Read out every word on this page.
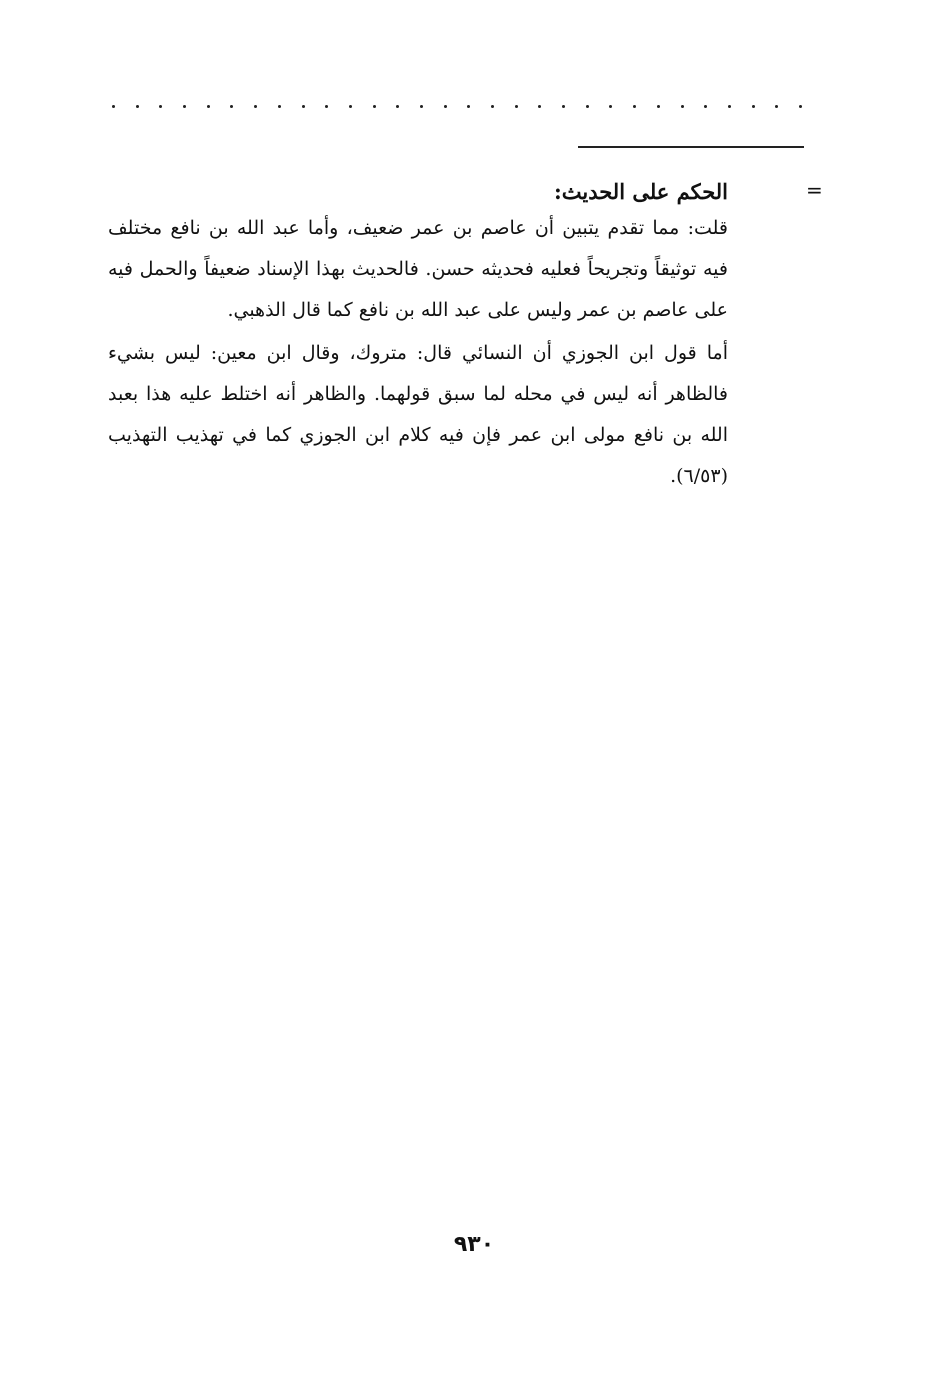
=

الحكم على الحديث:

قلت: مما تقدم يتبين أن عاصم بن عمر ضعيف، وأما عبد الله بن نافع مختلف فيه توثيقاً وتجريحاً فعليه فحديثه حسن. فالحديث بهذا الإسناد ضعيفاً والحمل فيه على عاصم بن عمر وليس على عبد الله بن نافع كما قال الذهبي.

أما قول ابن الجوزي أن النسائي قال: متروك، وقال ابن معين: ليس بشيء فالظاهر أنه ليس في محله لما سبق قولهما. والظاهر أنه اختلط عليه هذا بعبد الله بن نافع مولى ابن عمر فإن فيه كلام ابن الجوزي كما في تهذيب التهذيب (٦/٥٣).

٩٣٠
